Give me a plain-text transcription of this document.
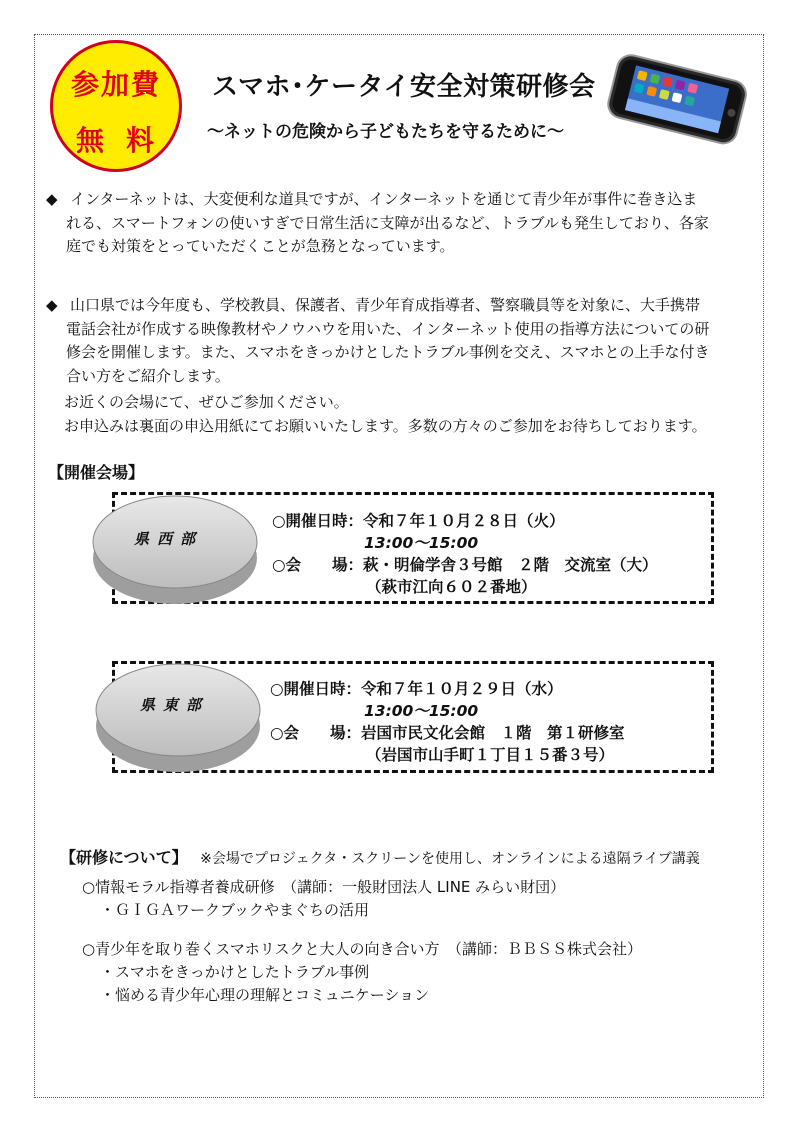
参加費
無料
スマホ･ケータイ安全対策研修会
～ネットの危険から子どもたちを守るために～
◆ インターネットは、大変便利な道具ですが、インターネットを通じて青少年が事件に巻き込ま
れる、スマートフォンの使いすぎで日常生活に支障が出るなど、トラブルも発生しており、各家
庭でも対策をとっていただくことが急務となっています。
◆ 山口県では今年度も、学校教員、保護者、青少年育成指導者、警察職員等を対象に、大手携帯
電話会社が作成する映像教材やノウハウを用いた、インターネット使用の指導方法についての研
修会を開催します。また、スマホをきっかけとしたトラブル事例を交え、スマホとの上手な付き
合い方をご紹介します。
お近くの会場にて、ぜひご参加ください。
お申込みは裏面の申込用紙にてお願いいたします。多数の方々のご参加をお待ちしております。
【開催会場】
県西部
○開催日時：令和７年１０月２８日（火）
13:00～15:00
○会　　場：萩・明倫学舎３号館　２階　交流室（大）
（萩市江向６０２番地）
県東部
○開催日時：令和７年１０月２９日（水）
13:00～15:00
○会　　場：岩国市民文化会館　１階　第１研修室
（岩国市山手町１丁目１５番３号）
【研修について】 ※会場でプロジェクタ・スクリーンを使用し、オンラインによる遠隔ライブ講義
○情報モラル指導者養成研修　（講師：一般財団法人 LINE みらい財団）
・ＧＩＧＡワークブックやまぐちの活用
○青少年を取り巻くスマホリスクと大人の向き合い方　（講師：ＢＢＳＳ株式会社）
・スマホをきっかけとしたトラブル事例
・悩める青少年心理の理解とコミュニケーション
